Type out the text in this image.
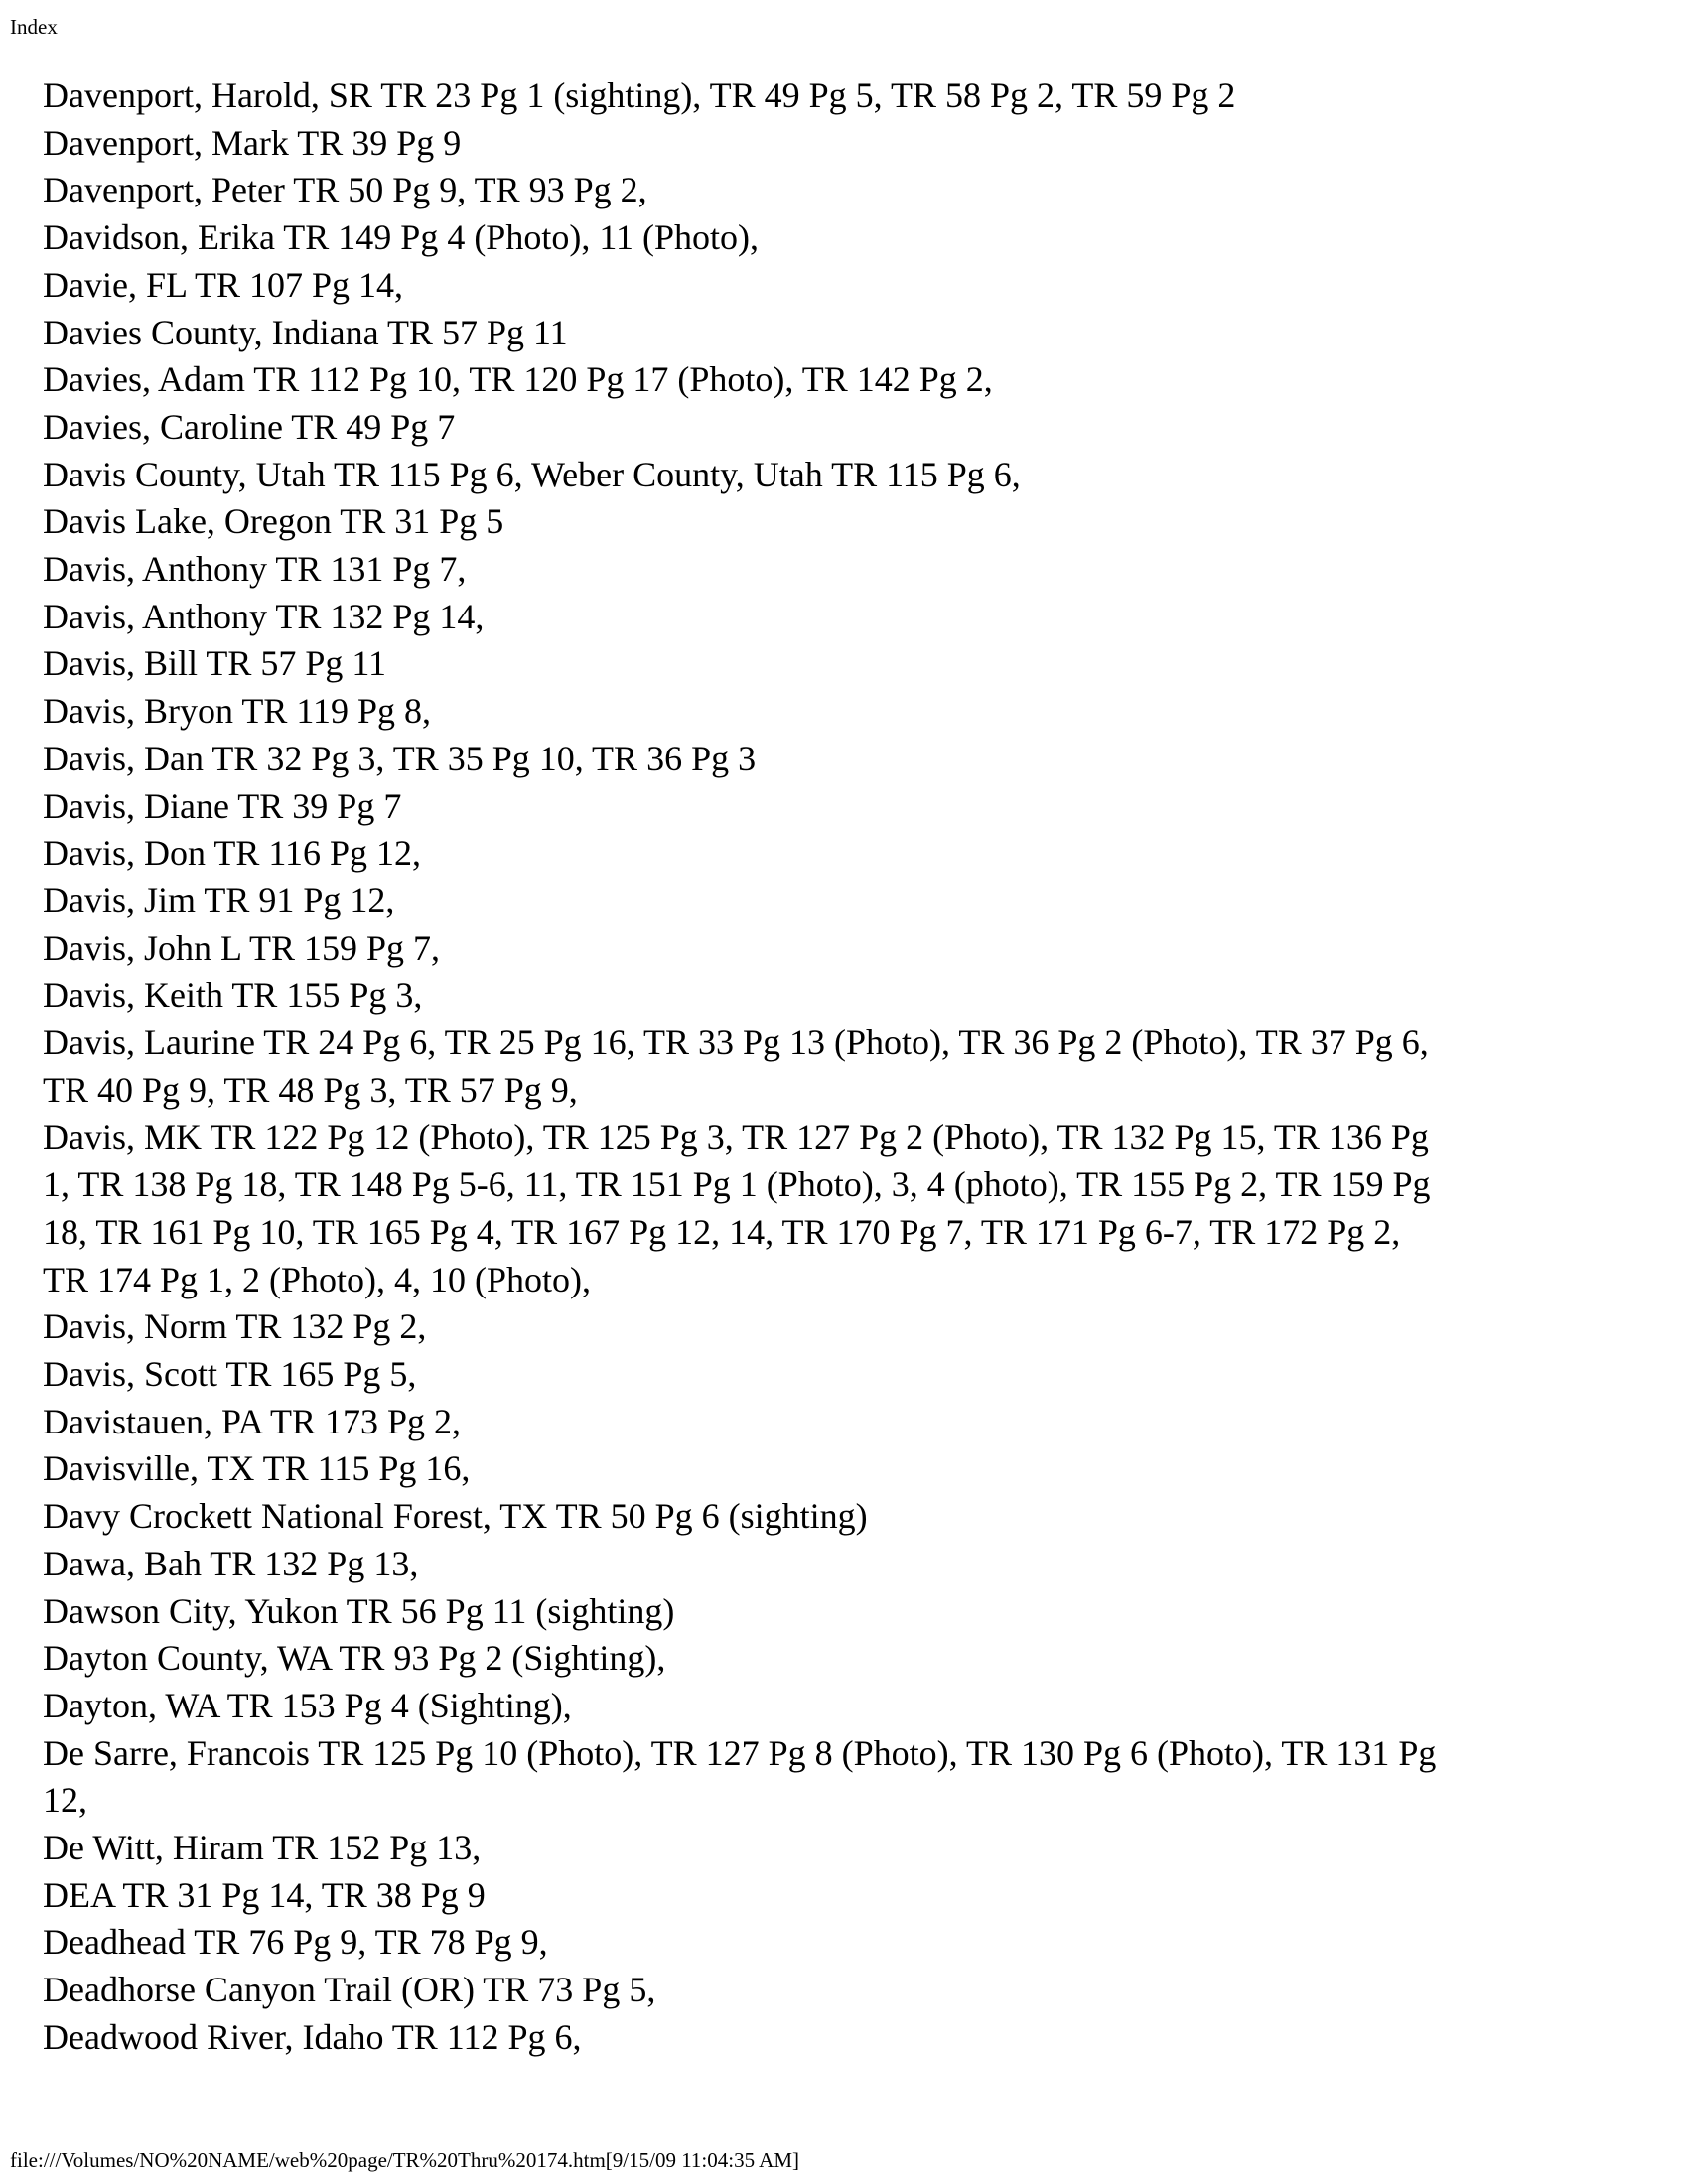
Index
Davenport, Harold, SR TR 23 Pg 1 (sighting), TR 49 Pg 5, TR 58 Pg 2, TR 59 Pg 2
Davenport, Mark TR 39 Pg 9
Davenport, Peter TR 50 Pg 9, TR 93 Pg 2,
Davidson, Erika TR 149 Pg 4 (Photo), 11 (Photo),
Davie, FL TR 107 Pg 14,
Davies County, Indiana TR 57 Pg 11
Davies, Adam TR 112 Pg 10, TR 120 Pg 17 (Photo), TR 142 Pg 2,
Davies, Caroline TR 49 Pg 7
Davis County, Utah TR 115 Pg 6, Weber County, Utah TR 115 Pg 6,
Davis Lake, Oregon TR 31 Pg 5
Davis, Anthony TR 131 Pg 7,
Davis, Anthony TR 132 Pg 14,
Davis, Bill TR 57 Pg 11
Davis, Bryon TR 119 Pg 8,
Davis, Dan TR 32 Pg 3, TR 35 Pg 10, TR 36 Pg 3
Davis, Diane TR 39 Pg 7
Davis, Don TR 116 Pg 12,
Davis, Jim TR 91 Pg 12,
Davis, John L TR 159 Pg 7,
Davis, Keith TR 155 Pg 3,
Davis, Laurine TR 24 Pg 6, TR 25 Pg 16, TR 33 Pg 13 (Photo), TR 36 Pg 2 (Photo), TR 37 Pg 6,
TR 40 Pg 9, TR 48 Pg 3, TR 57 Pg 9,
Davis, MK TR 122 Pg 12 (Photo), TR 125 Pg 3, TR 127 Pg 2 (Photo), TR 132 Pg 15, TR 136 Pg
1, TR 138 Pg 18, TR 148 Pg 5-6, 11, TR 151 Pg 1 (Photo), 3, 4 (photo), TR 155 Pg 2, TR 159 Pg
18, TR 161 Pg 10, TR 165 Pg 4, TR 167 Pg 12, 14, TR 170 Pg 7, TR 171 Pg 6-7, TR 172 Pg 2,
TR 174 Pg 1, 2 (Photo), 4, 10 (Photo),
Davis, Norm TR 132 Pg 2,
Davis, Scott TR 165 Pg 5,
Davistauen, PA TR 173 Pg 2,
Davisville, TX TR 115 Pg 16,
Davy Crockett National Forest, TX TR 50 Pg 6 (sighting)
Dawa, Bah TR 132 Pg 13,
Dawson City, Yukon TR 56 Pg 11 (sighting)
Dayton County, WA TR 93 Pg 2 (Sighting),
Dayton, WA TR 153 Pg 4 (Sighting),
De Sarre, Francois TR 125 Pg 10 (Photo), TR 127 Pg 8 (Photo), TR 130 Pg 6 (Photo), TR 131 Pg
12,
De Witt, Hiram TR 152 Pg 13,
DEA TR 31 Pg 14, TR 38 Pg 9
Deadhead TR 76 Pg 9, TR 78 Pg 9,
Deadhorse Canyon Trail (OR) TR 73 Pg 5,
Deadwood River, Idaho TR 112 Pg 6,
file:///Volumes/NO%20NAME/web%20page/TR%20Thru%20174.htm[9/15/09 11:04:35 AM]
